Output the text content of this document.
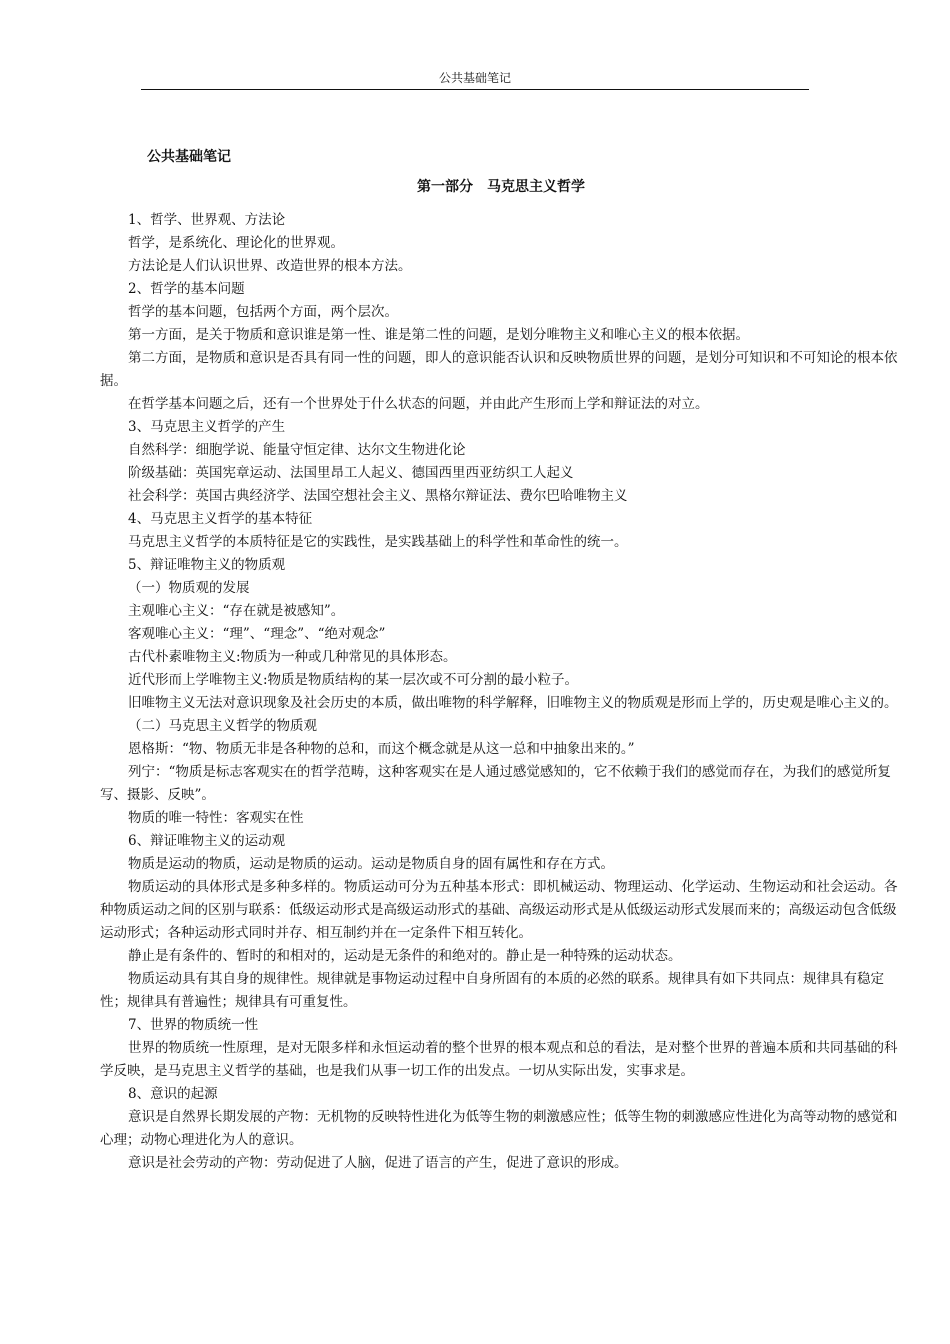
公共基础笔记
公共基础笔记
第一部分　马克思主义哲学

1、哲学、世界观、方法论

哲学，是系统化、理论化的世界观。

方法论是人们认识世界、改造世界的根本方法。

2、哲学的基本问题

哲学的基本问题，包括两个方面，两个层次。

第一方面，是关于物质和意识谁是第一性、谁是第二性的问题，是划分唯物主义和唯心主义的根本依据。

第二方面，是物质和意识是否具有同一性的问题，即人的意识能否认识和反映物质世界的问题，是划分可知识和不可知论的根本依据。

在哲学基本问题之后，还有一个世界处于什么状态的问题，并由此产生形而上学和辩证法的对立。

3、马克思主义哲学的产生

自然科学：细胞学说、能量守恒定律、达尔文生物进化论

阶级基础：英国宪章运动、法国里昂工人起义、德国西里西亚纺织工人起义

社会科学：英国古典经济学、法国空想社会主义、黑格尔辩证法、费尔巴哈唯物主义

4、马克思主义哲学的基本特征

马克思主义哲学的本质特征是它的实践性，是实践基础上的科学性和革命性的统一。

5、辩证唯物主义的物质观

（一）物质观的发展

主观唯心主义：“存在就是被感知”。

客观唯心主义：“理”、“理念”、“绝对观念”

古代朴素唯物主义:物质为一种或几种常见的具体形态。

近代形而上学唯物主义:物质是物质结构的某一层次或不可分割的最小粒子。

旧唯物主义无法对意识现象及社会历史的本质，做出唯物的科学解释，旧唯物主义的物质观是形而上学的，历史观是唯心主义的。

（二）马克思主义哲学的物质观

恩格斯：“物、物质无非是各种物的总和，而这个概念就是从这一总和中抽象出来的。”

列宁：“物质是标志客观实在的哲学范畴，这种客观实在是人通过感觉感知的，它不依赖于我们的感觉而存在，为我们的感觉所复写、摄影、反映”。

物质的唯一特性：客观实在性

6、辩证唯物主义的运动观

物质是运动的物质，运动是物质的运动。运动是物质自身的固有属性和存在方式。

物质运动的具体形式是多种多样的。物质运动可分为五种基本形式：即机械运动、物理运动、化学运动、生物运动和社会运动。各种物质运动之间的区别与联系：低级运动形式是高级运动形式的基础、高级运动形式是从低级运动形式发展而来的；高级运动包含低级运动形式；各种运动形式同时并存、相互制约并在一定条件下相互转化。

静止是有条件的、暂时的和相对的，运动是无条件的和绝对的。静止是一种特殊的运动状态。

物质运动具有其自身的规律性。规律就是事物运动过程中自身所固有的本质的必然的联系。规律具有如下共同点：规律具有稳定性；规律具有普遍性；规律具有可重复性。

7、世界的物质统一性

世界的物质统一性原理，是对无限多样和永恒运动着的整个世界的根本观点和总的看法，是对整个世界的普遍本质和共同基础的科学反映，是马克思主义哲学的基础，也是我们从事一切工作的出发点。一切从实际出发，实事求是。

8、意识的起源

意识是自然界长期发展的产物：无机物的反映特性进化为低等生物的刺激感应性；低等生物的刺激感应性进化为高等动物的感觉和心理；动物心理进化为人的意识。

意识是社会劳动的产物：劳动促进了人脑，促进了语言的产生，促进了意识的形成。
